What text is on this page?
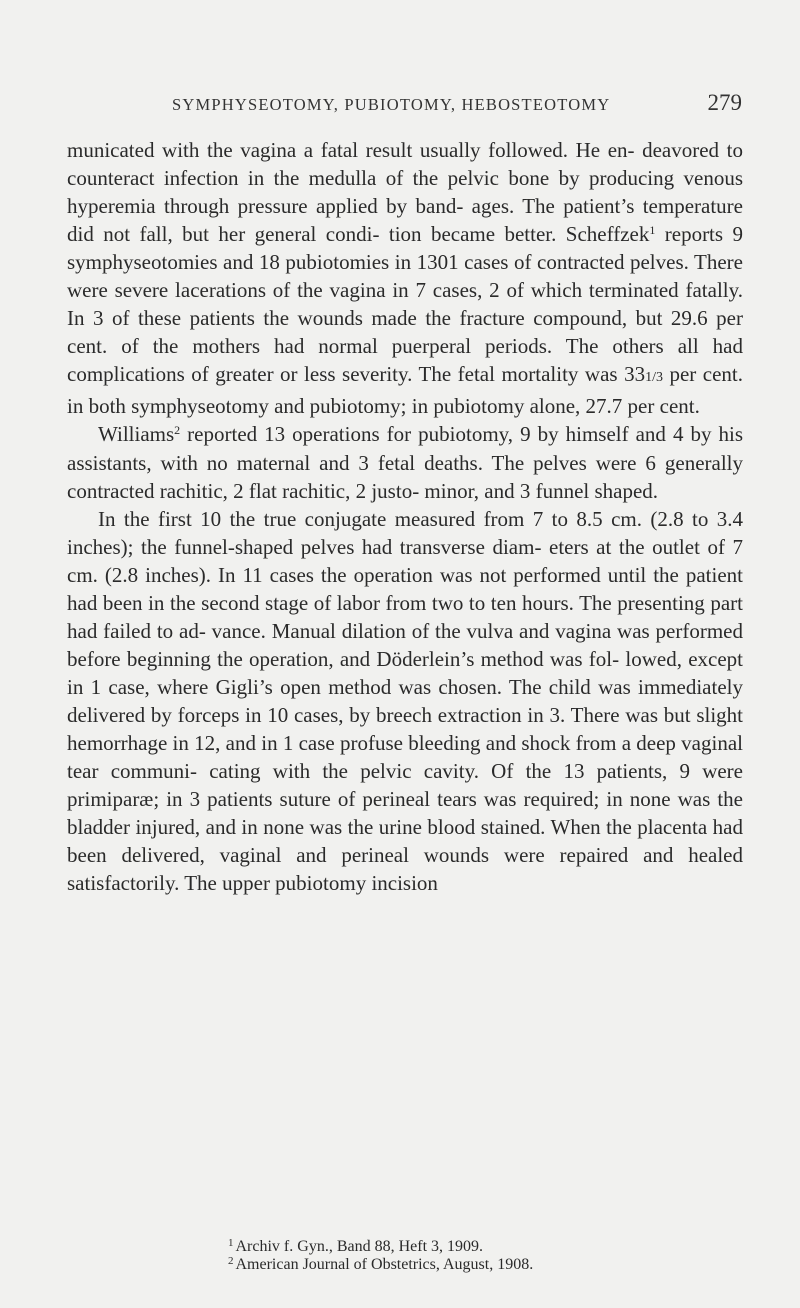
SYMPHYSEOTOMY, PUBIOTOMY, HEBOSTEOTOMY	279

municated with the vagina a fatal result usually followed. He en- deavored to counteract infection in the medulla of the pelvic bone by producing venous hyperemia through pressure applied by band- ages. The patient’s temperature did not fall, but her general condi- tion became better. Scheffzek$^1$ reports 9 symphyseotomies and 18 pubiotomies in 1301 cases of contracted pelves. There were severe lacerations of the vagina in 7 cases, 2 of which terminated fatally. In 3 of these patients the wounds made the fracture compound, but 29.6 per cent. of the mothers had normal puerperal periods. The others all had complications of greater or less severity. The fetal mortality was 331/3 per cent. in both symphyseotomy and pubiotomy; in pubiotomy alone, 27.7 per cent.

Williams$^2$ reported 13 operations for pubiotomy, 9 by himself and 4 by his assistants, with no maternal and 3 fetal deaths. The pelves were 6 generally contracted rachitic, 2 flat rachitic, 2 justo- minor, and 3 funnel shaped.

In the first 10 the true conjugate measured from 7 to 8.5 cm. (2.8 to 3.4 inches); the funnel-shaped pelves had transverse diam- eters at the outlet of 7 cm. (2.8 inches). In 11 cases the operation was not performed until the patient had been in the second stage of labor from two to ten hours. The presenting part had failed to ad- vance. Manual dilation of the vulva and vagina was performed before beginning the operation, and Döderlein’s method was fol- lowed, except in 1 case, where Gigli’s open method was chosen. The child was immediately delivered by forceps in 10 cases, by breech extraction in 3. There was but slight hemorrhage in 12, and in 1 case profuse bleeding and shock from a deep vaginal tear communi- cating with the pelvic cavity. Of the 13 patients, 9 were primiparæ; in 3 patients suture of perineal tears was required; in none was the bladder injured, and in none was the urine blood stained. When the placenta had been delivered, vaginal and perineal wounds were repaired and healed satisfactorily. The upper pubiotomy incision

$^1$ Archiv f. Gyn., Band 88, Heft 3, 1909.
$^2$ American Journal of Obstetrics, August, 1908.
